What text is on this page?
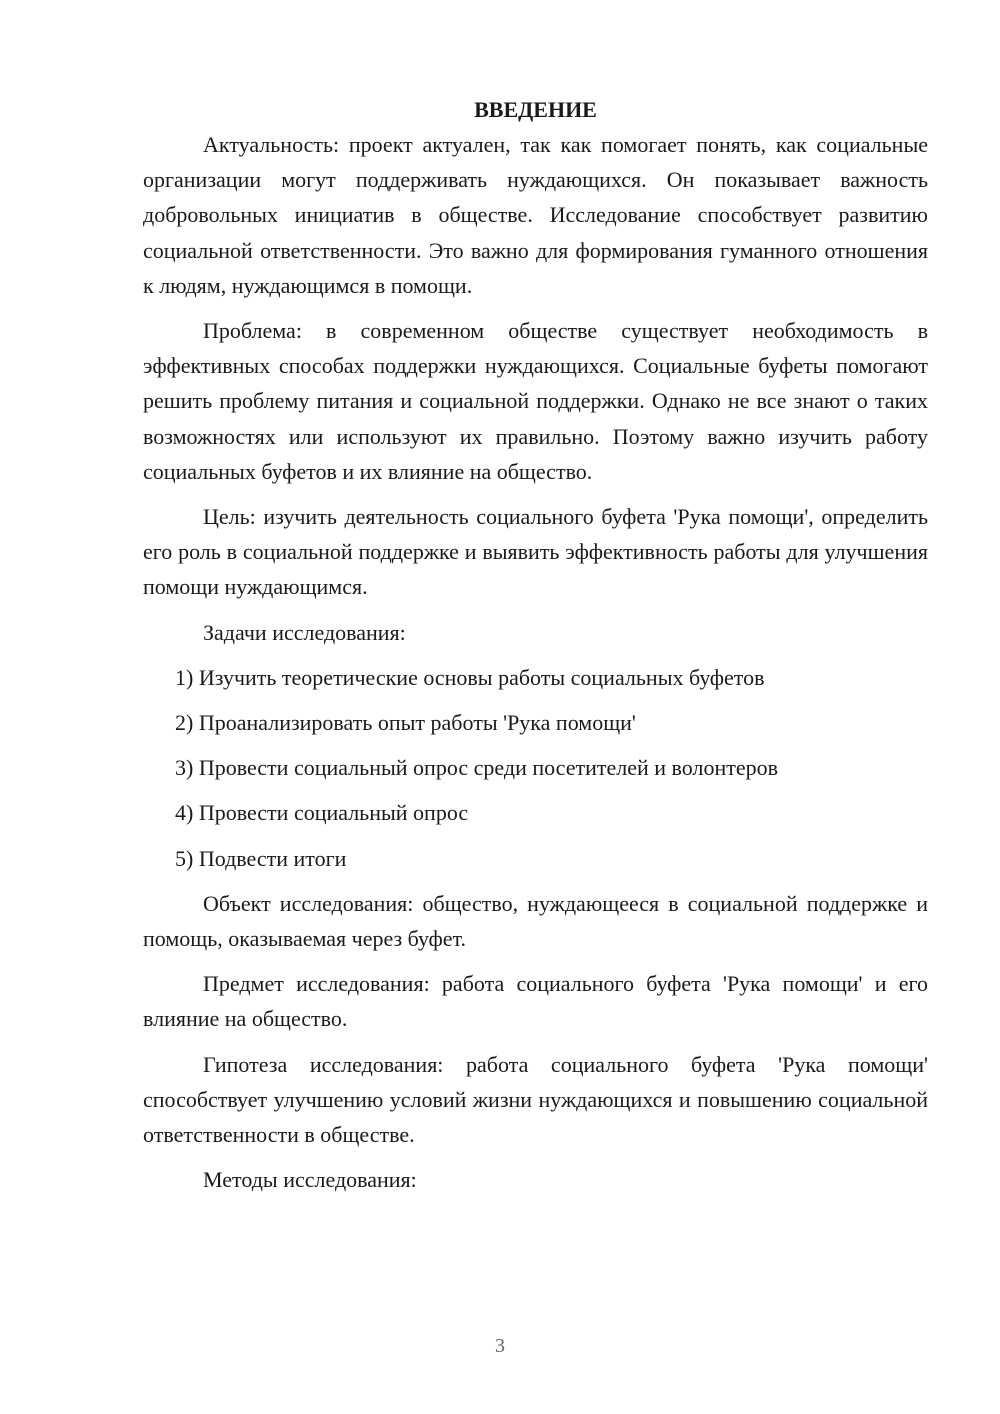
ВВЕДЕНИЕ

Актуальность: проект актуален, так как помогает понять, как социальные организации могут поддерживать нуждающихся. Он показывает важность добровольных инициатив в обществе. Исследование способствует развитию социальной ответственности. Это важно для формирования гуманного отношения к людям, нуждающимся в помощи.

Проблема: в современном обществе существует необходимость в эффективных способах поддержки нуждающихся. Социальные буфеты помогают решить проблему питания и социальной поддержки. Однако не все знают о таких возможностях или используют их правильно. Поэтому важно изучить работу социальных буфетов и их влияние на общество.

Цель: изучить деятельность социального буфета 'Рука помощи', определить его роль в социальной поддержке и выявить эффективность работы для улучшения помощи нуждающимся.

Задачи исследования:

1) Изучить теоретические основы работы социальных буфетов
2) Проанализировать опыт работы 'Рука помощи'
3) Провести социальный опрос среди посетителей и волонтеров
4) Провести социальный опрос
5) Подвести итоги

Объект исследования: общество, нуждающееся в социальной поддержке и помощь, оказываемая через буфет.

Предмет исследования: работа социального буфета 'Рука помощи' и его влияние на общество.

Гипотеза исследования: работа социального буфета 'Рука помощи' способствует улучшению условий жизни нуждающихся и повышению социальной ответственности в обществе.

Методы исследования:

3
